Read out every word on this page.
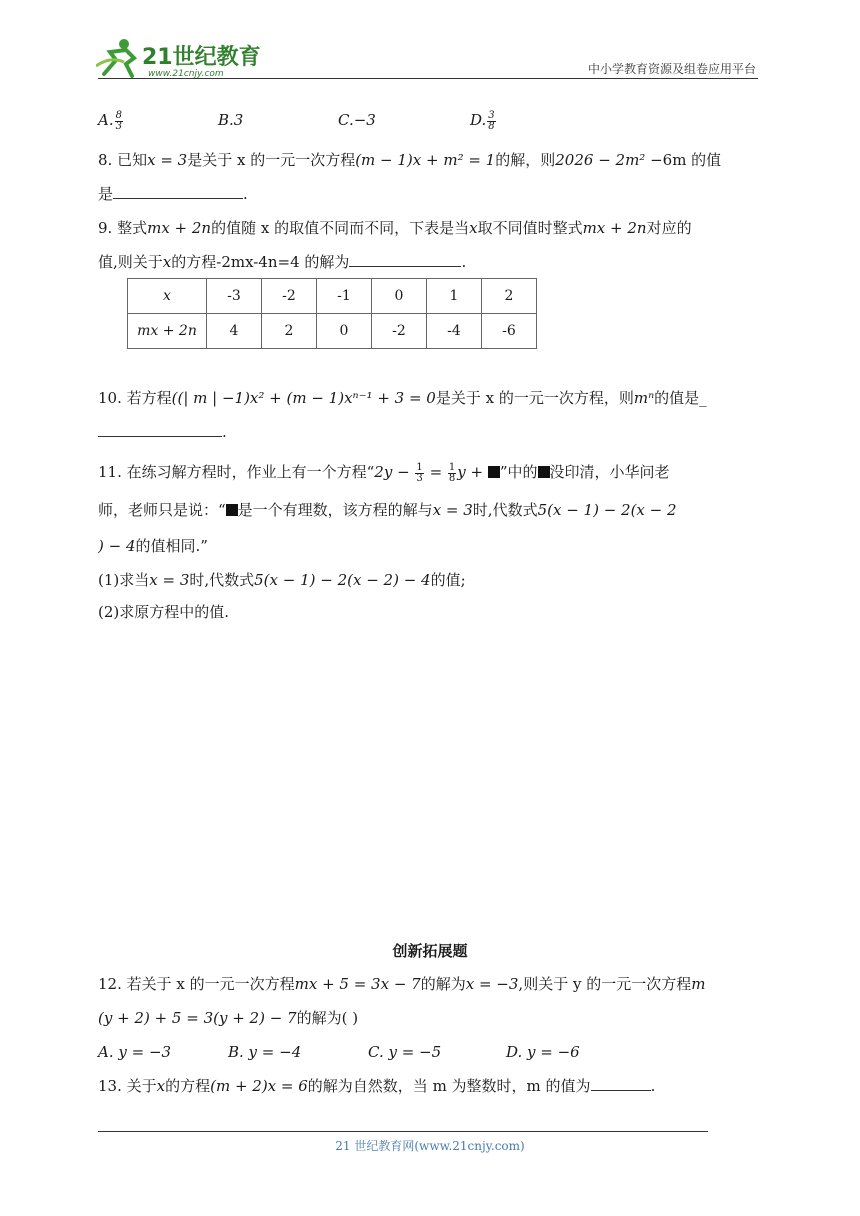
21世纪教育
www.21cnjy.com	中小学教育资源及组卷应用平台
A. $\frac{8}{3}$	B.3	C.−3	D. $\frac{3}{8}$
8. 已知x = 3是关于 x 的一元一次方程(m − 1)x + m² = 1的解，则2026 − 2m² −6m 的值
是	.
9. 整式mx + 2n的值随 x 的取值不同而不同，下表是当x取不同值时整式mx + 2n对应的
值,则关于x的方程-2mx-4n=4 的解为	.
x	-3	-2	-1	0	1	2
mx + 2n	4	2	0	-2	-4	-6
10. 若方程((| m | −1)x² + (m − 1)xⁿ⁻¹ + 3 = 0是关于 x 的一元一次方程，则mⁿ的值是_
.
11. 在练习解方程时，作业上有一个方程“$2y - \frac{1}{3} = \frac{1}{8}$ y + ”中的 没印清，小华问老
师，老师只是说：“ 是一个有理数，该方程的解与x = 3时,代数式5(x − 1) − 2(x − 2
) − 4的值相同.”
(1)求当x = 3时,代数式5(x − 1) − 2(x − 2) − 4的值;
(2)求原方程中的值.
创新拓展题
12. 若关于 x 的一元一次方程mx + 5 = 3x − 7的解为x = −3,则关于 y 的一元一次方程m
(y + 2) + 5 = 3(y + 2) − 7的解为( )
A. y = −3	B. y = −4	C. y = −5	D. y = −6
13. 关于x的方程(m + 2)x = 6的解为自然数，当 m 为整数时，m 的值为	.
21 世纪教育网(www.21cnjy.com)
